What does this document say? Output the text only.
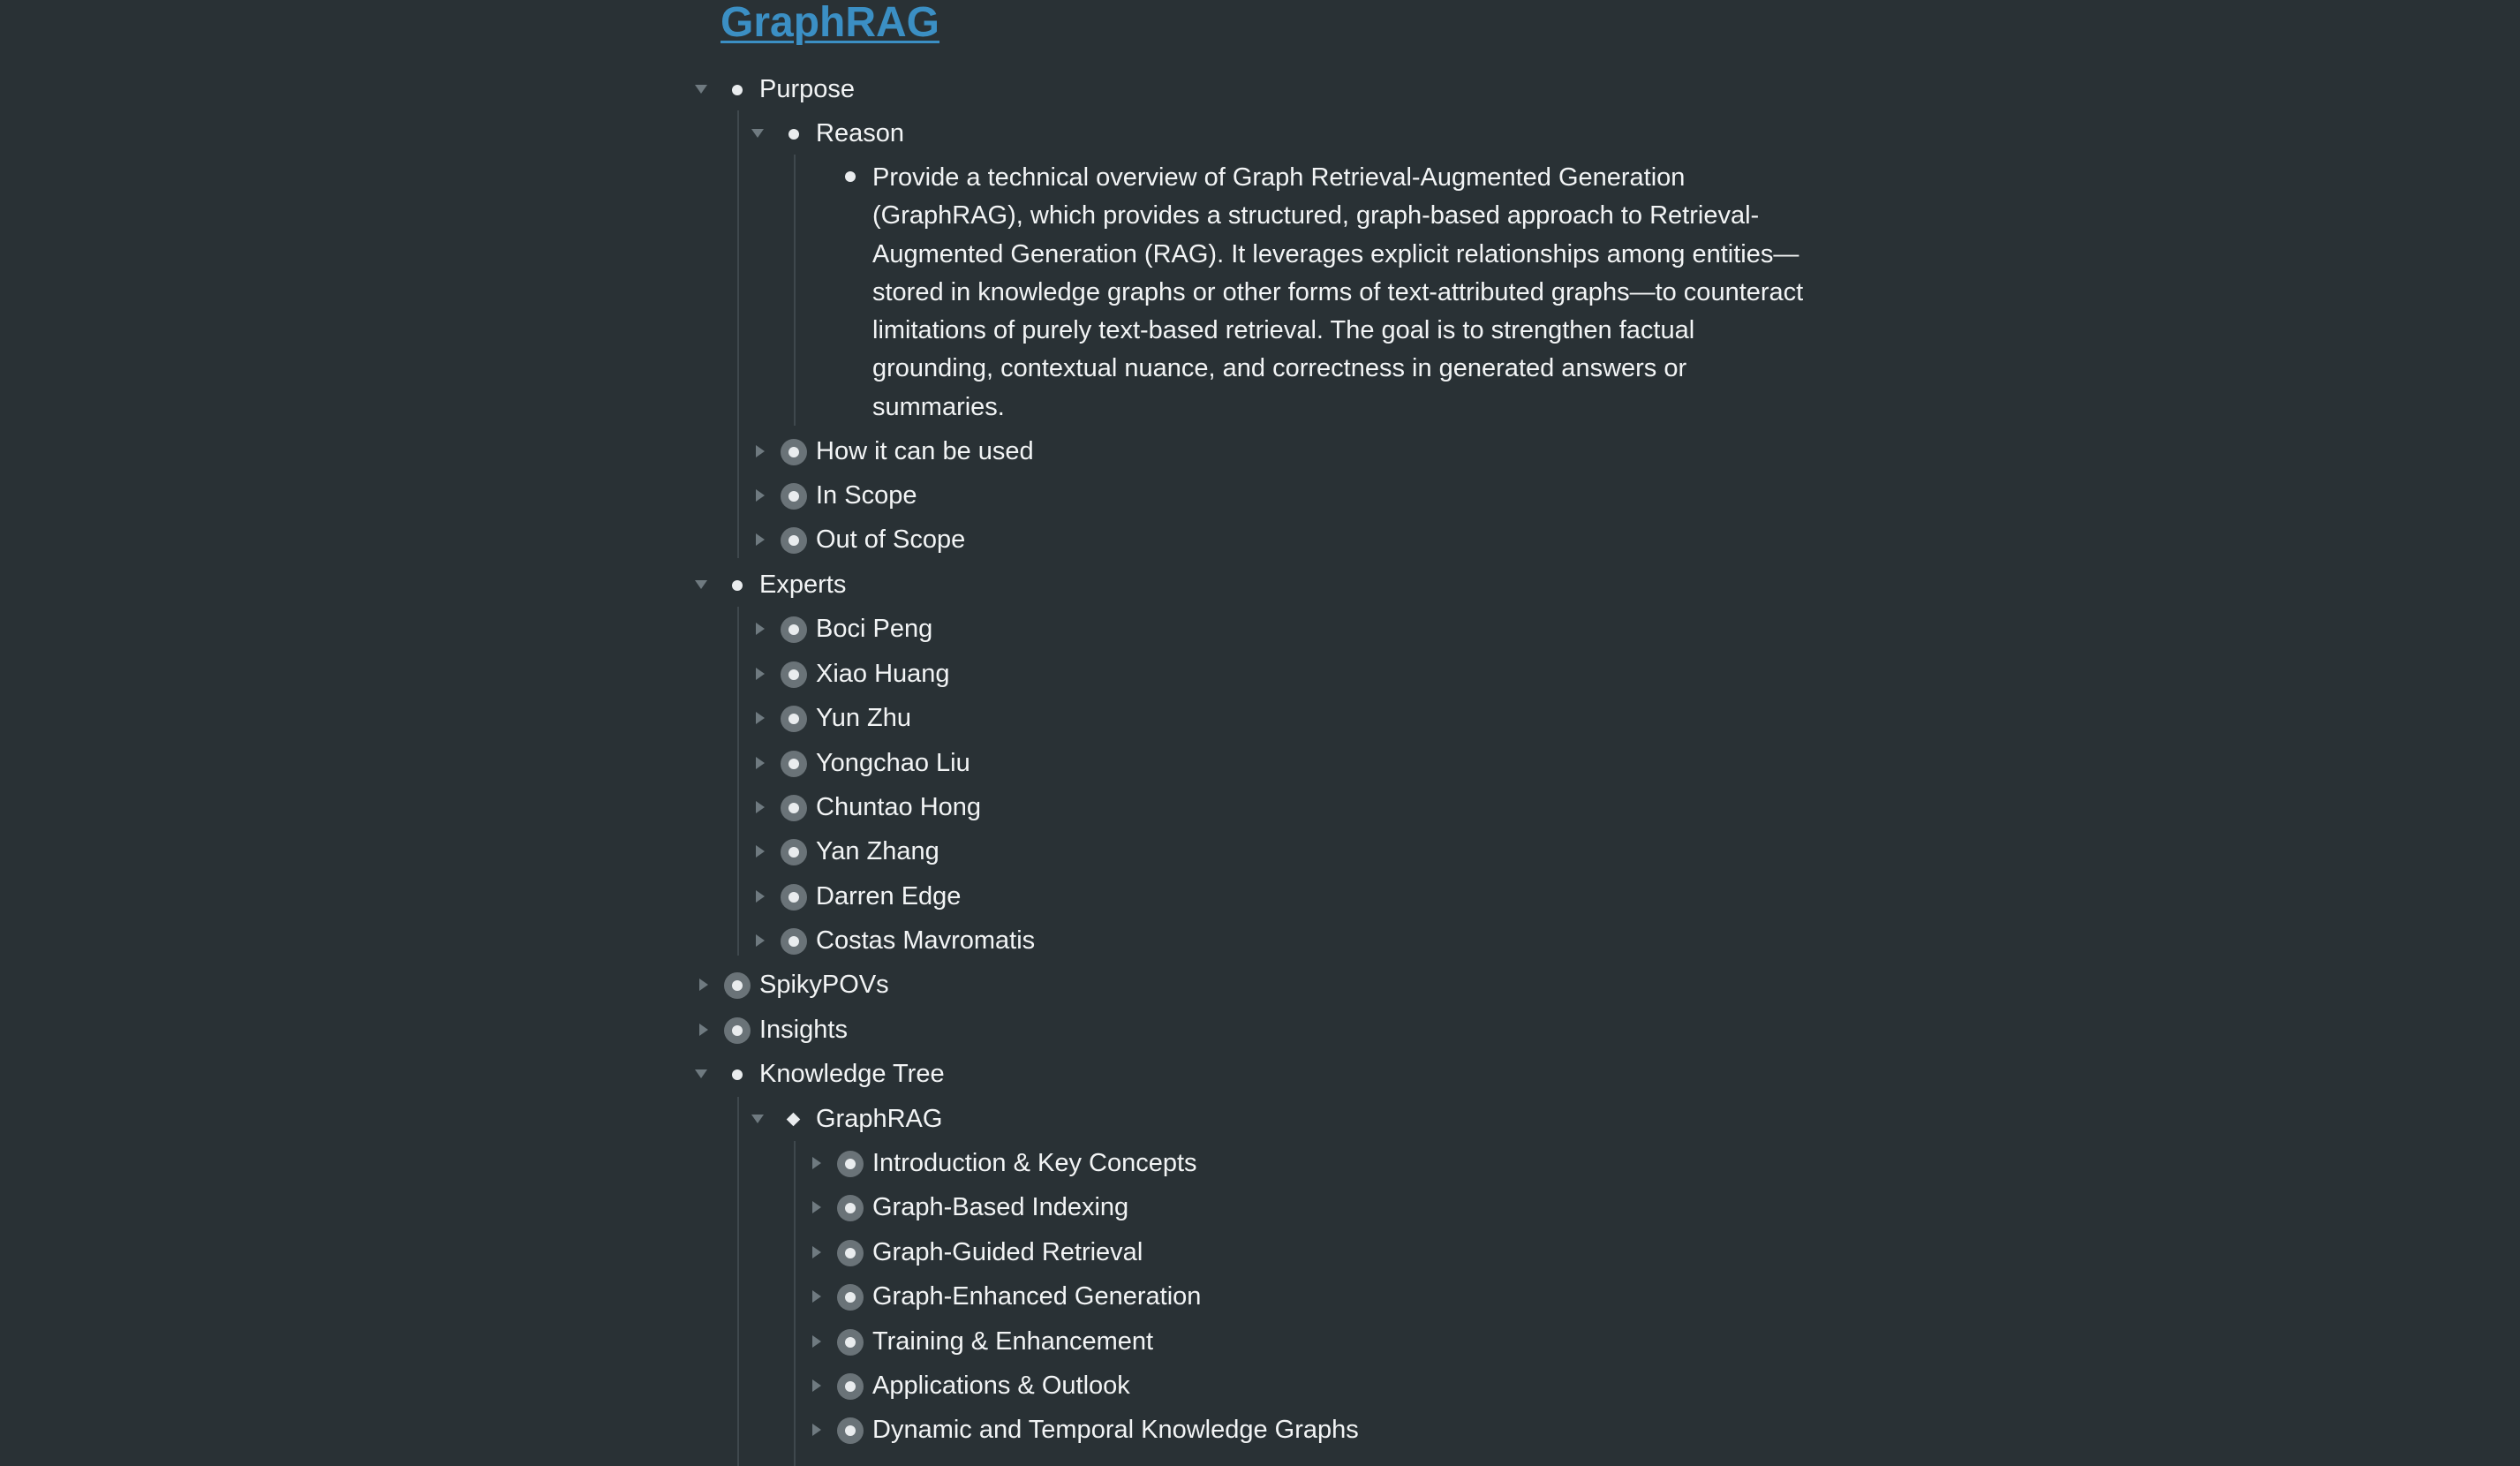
GraphRAG
Purpose
Reason

Provide a technical overview of Graph Retrieval-Augmented Generation (GraphRAG), which provides a structured, graph-based approach to Retrieval-Augmented Generation (RAG). It leverages explicit relationships among entities—stored in knowledge graphs or other forms of text-attributed graphs—to counteract limitations of purely text-based retrieval. The goal is to strengthen factual grounding, contextual nuance, and correctness in generated answers or summaries.

How it can be used
In Scope
Out of Scope
Experts
Boci Peng
Xiao Huang
Yun Zhu
Yongchao Liu
Chuntao Hong
Yan Zhang
Darren Edge
Costas Mavromatis
SpikyPOVs
Insights
Knowledge Tree
GraphRAG
Introduction & Key Concepts
Graph-Based Indexing
Graph-Guided Retrieval
Graph-Enhanced Generation
Training & Enhancement
Applications & Outlook
Dynamic and Temporal Knowledge Graphs
